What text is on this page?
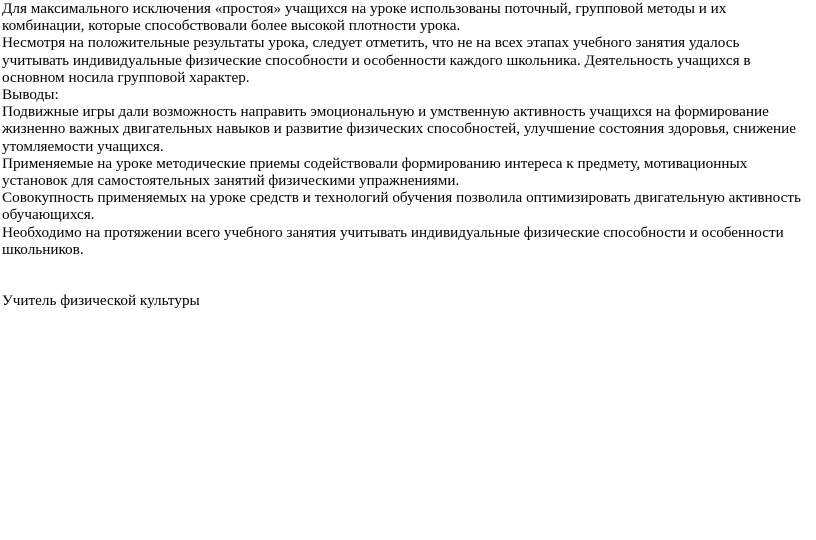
Для максимального исключения «простоя» учащихся на уроке использованы поточный, групповой методы и их комбинации, которые способствовали более высокой плотности урока.

Несмотря на положительные результаты урока, следует отметить, что не на всех этапах учебного занятия удалось учитывать индивидуальные физические способности и особенности каждого школьника. Деятельность учащихся в основном носила групповой характер.

Выводы:

Подвижные игры дали возможность направить эмоциональную и умственную активность учащихся на формирование жизненно важных двигательных навыков и развитие физических способностей, улучшение состояния здоровья, снижение утомляемости учащихся.

Применяемые на уроке методические приемы содействовали формированию интереса к предмету, мотивационных установок для самостоятельных занятий физическими упражнениями.

Совокупность применяемых на уроке средств и технологий обучения позволила оптимизировать двигательную активность обучающихся.

Необходимо на протяжении всего учебного занятия учитывать индивидуальные физические способности и особенности школьников.

Учитель физической культуры
